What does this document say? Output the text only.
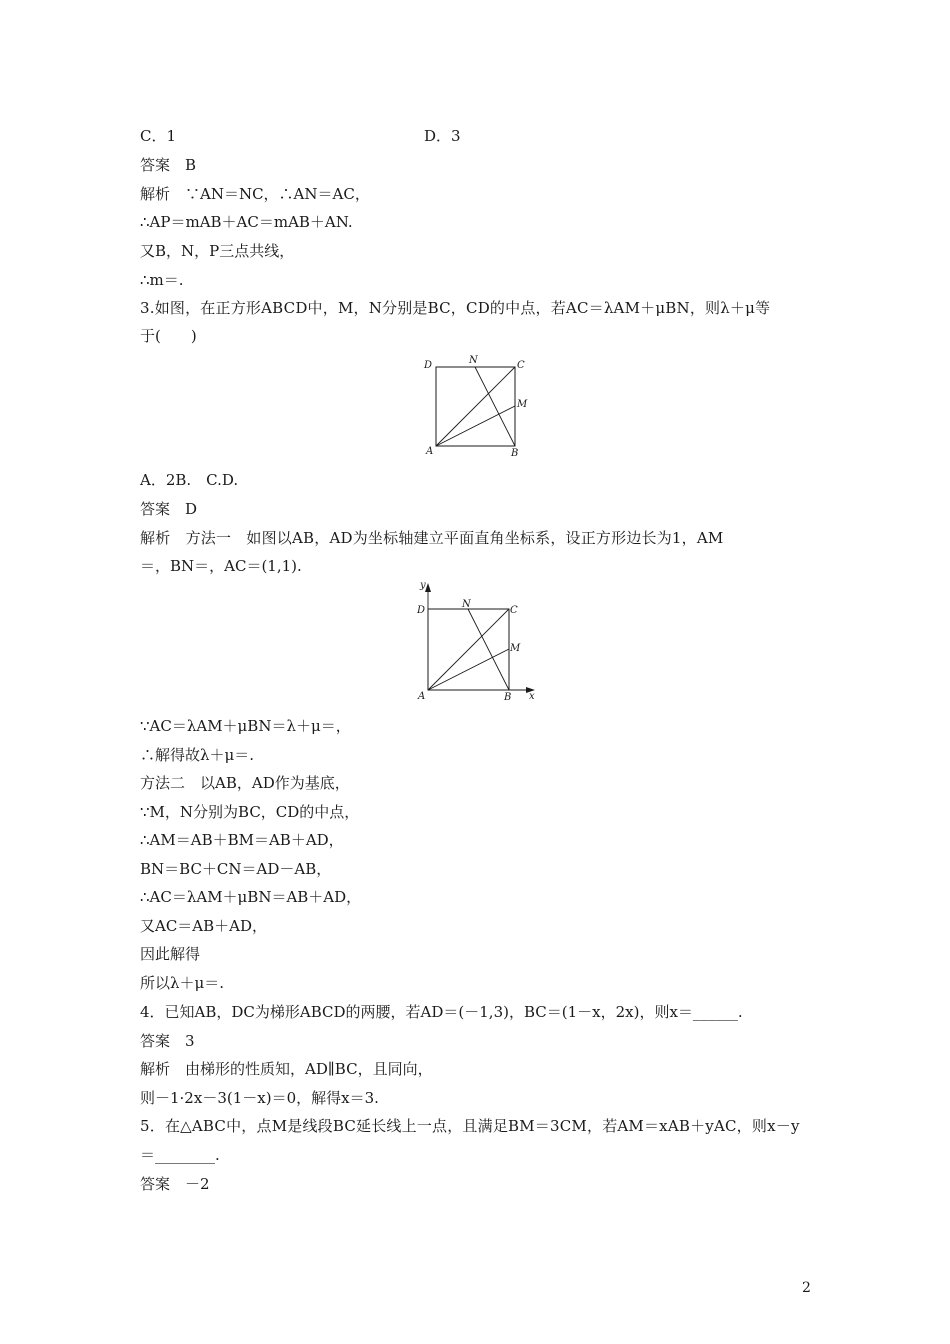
C．1	D．3
答案　B
解析　∵AN＝NC，∴AN＝AC，
∴AP＝mAB＋AC＝mAB＋AN.
又B，N，P三点共线，
∴m＝.
3.如图，在正方形ABCD中，M，N分别是BC，CD的中点，若AC＝λAM＋μBN，则λ＋μ等
于(　　)
D	N	C
M
A	B
A．2B.　C.D.
答案　D
解析　方法一　如图以AB，AD为坐标轴建立平面直角坐标系，设正方形边长为1，AM
＝，BN＝，AC＝(1,1).
y
D
N
C
M
A	B x
∵AC＝λAM＋μBN＝λ＋μ＝，
∴解得故λ＋μ＝.
方法二　以AB，AD作为基底，
∵M，N分别为BC，CD的中点，
∴AM＝AB＋BM＝AB＋AD，
BN＝BC＋CN＝AD－AB，
∴AC＝λAM＋μBN＝AB＋AD，
又AC＝AB＋AD，
因此解得
所以λ＋μ＝.
4．已知AB，DC为梯形ABCD的两腰，若AD＝(－1,3)，BC＝(1－x，2x)，则x＝______.
答案　3
解析　由梯形的性质知，AD∥BC，且同向，
则－1·2x－3(1－x)＝0，解得x＝3.
5．在△ABC中，点M是线段BC延长线上一点，且满足BM＝3CM，若AM＝xAB＋yAC，则x－y
＝________.
答案　－2
2
